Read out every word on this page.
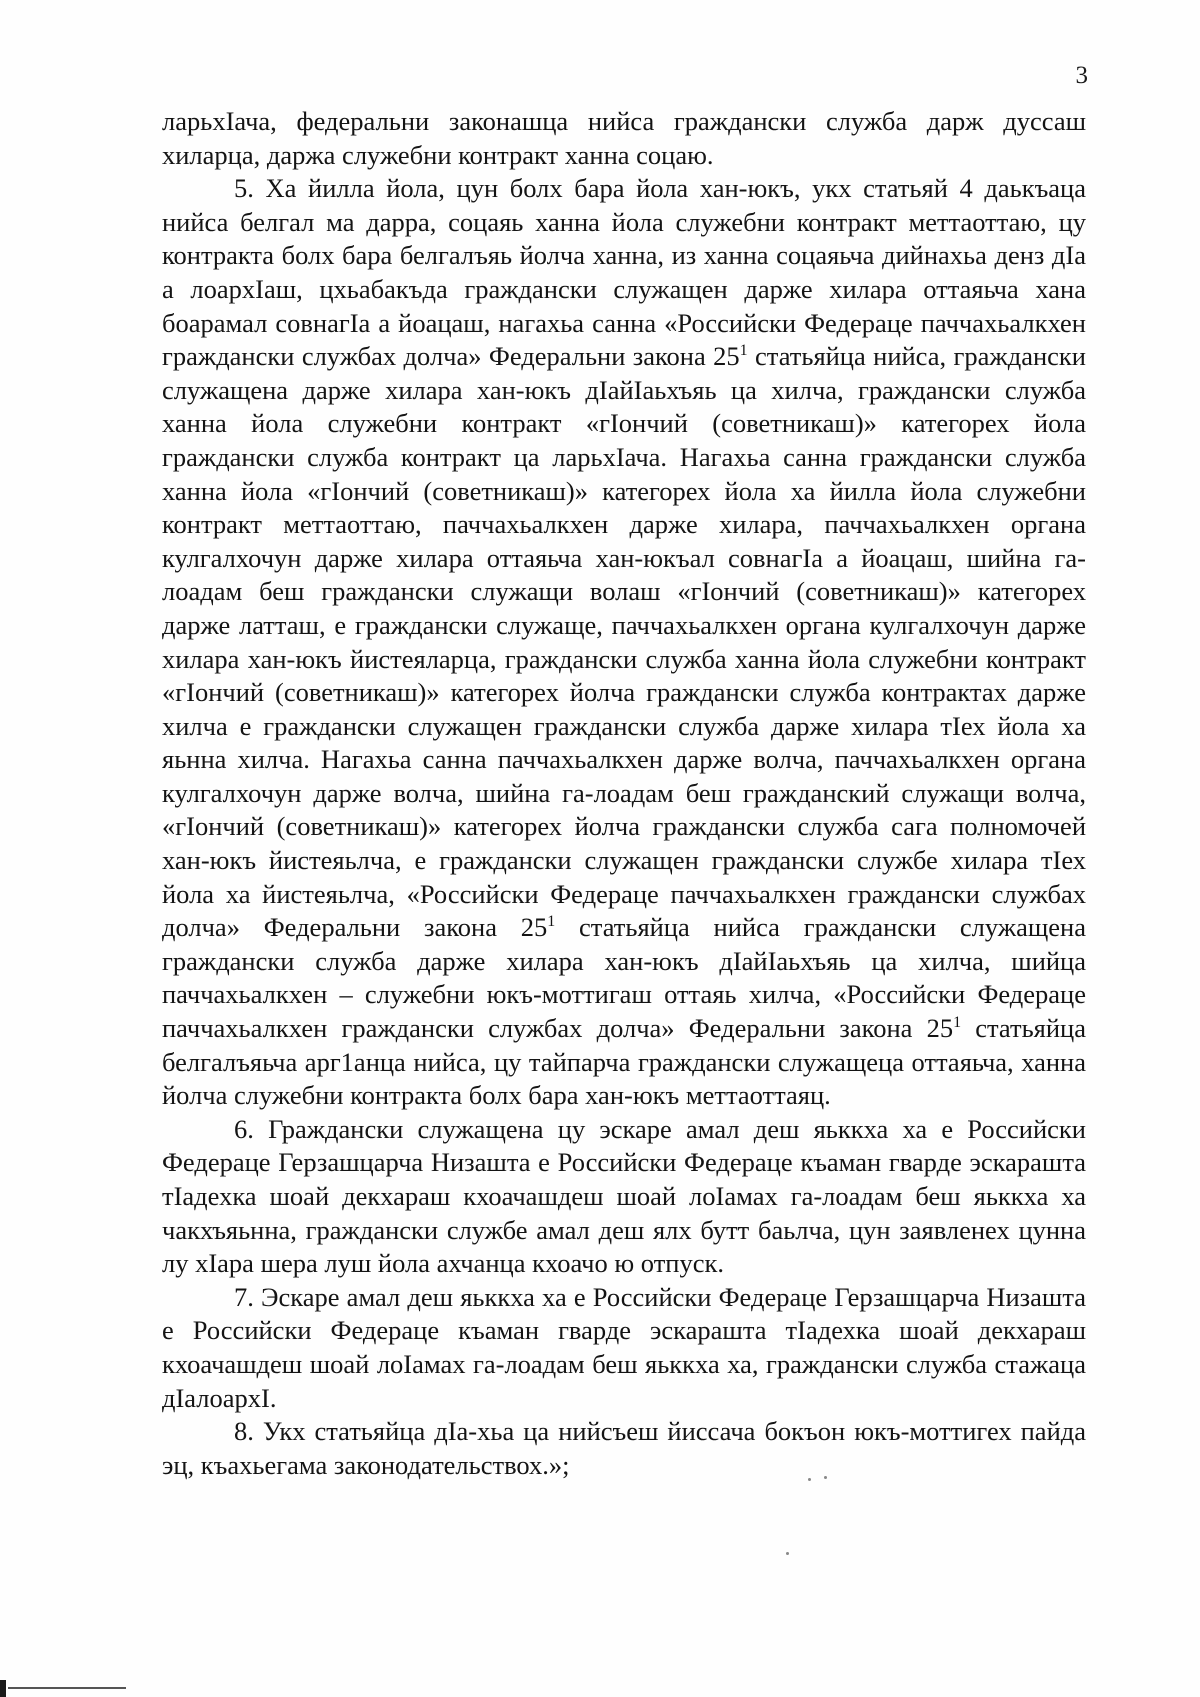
3

ларьхIача, федеральни законашца нийса граждански служба дарж дуссаш хиларца, даржа служебни контракт ханна соцаю.

5. Ха йилла йола, цун болх бара йола хан-юкъ, укх статьяй 4 даькъаца нийса белгал ма дарра, соцаяь ханна йола служебни контракт меттаоттаю, цу контракта болх бара белгалъяь йолча ханна, из ханна соцаяьча дийнахьа денз дIа а лоархIаш, цхьабакъда граждански служащен дарже хилара оттаяьча хана боарамал совнагIа а йоацаш, нагахьа санна «Российски Федераце паччахьалкхен граждански службах долча» Федеральни закона $25^1$ статьяйца нийса, граждански служащена дарже хилара хан-юкъ дIайIаьхъяь ца хилча, граждански служба ханна йола служебни контракт «гIончий (советникаш)» категорех йола граждански служба контракт ца ларьхIача. Нагахьа санна граждански служба ханна йола «гIончий (советникаш)» категорех йола ха йилла йола служебни контракт меттаоттаю, паччахьалкхен дарже хилара, паччахьалкхен органа кулгалхочун дарже хилара оттаяьча хан-юкъал совнагIа а йоацаш, шийна га-лоадам беш граждански служащи волаш «гIончий (советникаш)» категорех дарже латташ, е граждански служаще, паччахьалкхен органа кулгалхочун дарже хилара хан-юкъ йистеяларца, граждански служба ханна йола служебни контракт «гIончий (советникаш)» категорех йолча граждански служба контрактах дарже хилча е граждански служащен граждански служба дарже хилара тIех йола ха яьнна хилча. Нагахьа санна паччахьалкхен дарже волча, паччахьалкхен органа кулгалхочун дарже волча, шийна га-лоадам беш гражданский служащи волча, «гIончий (советникаш)» категорех йолча граждански служба сага полномочей хан-юкъ йистеяьлча, е граждански служащен граждански службе хилара тIех йола ха йистеяьлча, «Российски Федераце паччахьалкхен граждански службах долча» Федеральни закона $25^1$ статьяйца нийса граждански служащена граждански служба дарже хилара хан-юкъ дIайIаьхъяь ца хилча, шийца паччахьалкхен – служебни юкъ-моттигаш оттаяь хилча, «Российски Федераце паччахьалкхен граждански службах долча» Федеральни закона $25^1$ статьяйца белгалъяьча арг1анца нийса, цу тайпарча граждански служащеца оттаяьча, ханна йолча служебни контракта болх бара хан-юкъ меттаоттаяц.

6. Граждански служащена цу эскаре амал деш яьккха ха е Российски Федераце Герзашцарча Низашта е Российски Федераце къаман гварде эскарашта тIадехка шоай декхараш кхоачашдеш шоай лоIамах га-лоадам беш яьккха ха чакхъяьнна, граждански службе амал деш ялх бутт баьлча, цун заявленех цунна лу хIара шера луш йола ахчанца кхоачо ю отпуск.

7. Эскаре амал деш яьккха ха е Российски Федераце Герзашцарча Низашта е Российски Федераце къаман гварде эскарашта тIадехка шоай декхараш кхоачашдеш шоай лоIамах га-лоадам беш яьккха ха, граждански служба стажаца дIалоархI.

8. Укх статьяйца дIа-хьа ца нийсъеш йиссача бокъон юкъ-моттигех пайда эц, къахьегама законодательствох.»;
